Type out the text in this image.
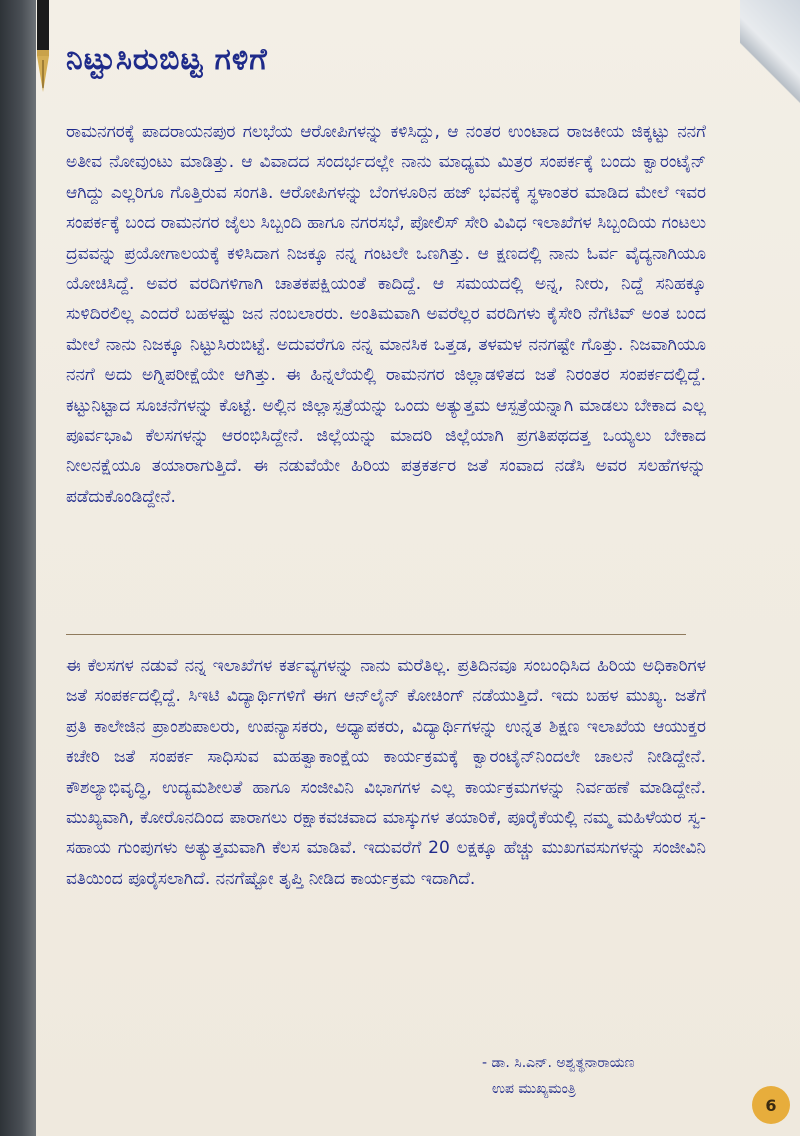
ನಿಟ್ಟುಸಿರುಬಿಟ್ಟ ಗಳಿಗೆ

ರಾಮನಗರಕ್ಕೆ ಪಾದರಾಯನಪುರ ಗಲಭೆಯ ಆರೋಪಿಗಳನ್ನು ಕಳಿಸಿದ್ದು, ಆ ನಂತರ ಉಂಟಾದ ರಾಜಕೀಯ ಜಿಕ್ಕಟ್ಟು ನನಗೆ ಅತೀವ ನೋವುಂಟು ಮಾಡಿತ್ತು. ಆ ವಿವಾದದ ಸಂದರ್ಭದಲ್ಲೇ ನಾನು ಮಾಧ್ಯಮ ಮಿತ್ರರ ಸಂಪರ್ಕಕ್ಕೆ ಬಂದು ಕ್ವಾರಂಟೈನ್ ಆಗಿದ್ದು ಎಲ್ಲರಿಗೂ ಗೊತ್ತಿರುವ ಸಂಗತಿ. ಆರೋಪಿಗಳನ್ನು ಬೆಂಗಳೂರಿನ ಹಜ್ ಭವನಕ್ಕೆ ಸ್ಥಳಾಂತರ ಮಾಡಿದ ಮೇಲೆ ಇವರ ಸಂಪರ್ಕಕ್ಕೆ ಬಂದ ರಾಮನಗರ ಜೈಲು ಸಿಬ್ಬಂದಿ ಹಾಗೂ ನಗರಸಭೆ, ಪೋಲಿಸ್ ಸೇರಿ ವಿವಿಧ ಇಲಾಖೆಗಳ ಸಿಬ್ಬಂದಿಯ ಗಂಟಲು ದ್ರವವನ್ನು ಪ್ರಯೋಗಾಲಯಕ್ಕೆ ಕಳಿಸಿದಾಗ ನಿಜಕ್ಕೂ ನನ್ನ ಗಂಟಲೇ ಒಣಗಿತ್ತು. ಆ ಕ್ಷಣದಲ್ಲಿ ನಾನು ಓರ್ವ ವೈದ್ಯನಾಗಿಯೂ ಯೋಚಿಸಿದ್ದೆ. ಅವರ ವರದಿಗಳಿಗಾಗಿ ಚಾತಕಪಕ್ಷಿಯಂತೆ ಕಾದಿದ್ದೆ. ಆ ಸಮಯದಲ್ಲಿ ಅನ್ನ, ನೀರು, ನಿದ್ದೆ ಸನಿಹಕ್ಕೂ ಸುಳಿದಿರಲಿಲ್ಲ ಎಂದರೆ ಬಹಳಷ್ಟು ಜನ ನಂಬಲಾರರು. ಅಂತಿಮವಾಗಿ ಅವರೆಲ್ಲರ ವರದಿಗಳು ಕೈಸೇರಿ ನೆಗೆಟಿವ್ ಅಂತ ಬಂದ ಮೇಲೆ ನಾನು ನಿಜಕ್ಕೂ ನಿಟ್ಟುಸಿರುಬಿಟ್ಟೆ. ಅದುವರೆಗೂ ನನ್ನ ಮಾನಸಿಕ ಒತ್ತಡ, ತಳಮಳ ನನಗಷ್ಟೇ ಗೊತ್ತು. ನಿಜವಾಗಿಯೂ ನನಗೆ ಅದು ಅಗ್ನಿಪರೀಕ್ಷೆಯೇ ಆಗಿತ್ತು. ಈ ಹಿನ್ನಲೆಯಲ್ಲಿ ರಾಮನಗರ ಜಿಲ್ಲಾಡಳಿತದ ಜತೆ ನಿರಂತರ ಸಂಪರ್ಕದಲ್ಲಿದ್ದೆ. ಕಟ್ಟುನಿಟ್ಟಾದ ಸೂಚನೆಗಳನ್ನು ಕೊಟ್ಟೆ. ಅಲ್ಲಿನ ಜಿಲ್ಲಾಸ್ಪತ್ರೆಯನ್ನು ಒಂದು ಅತ್ಯುತ್ತಮ ಆಸ್ಪತ್ರೆಯನ್ನಾಗಿ ಮಾಡಲು ಬೇಕಾದ ಎಲ್ಲ ಪೂರ್ವಭಾವಿ ಕೆಲಸಗಳನ್ನು ಆರಂಭಿಸಿದ್ದೇನೆ. ಜಿಲ್ಲೆಯನ್ನು ಮಾದರಿ ಜಿಲ್ಲೆಯಾಗಿ ಪ್ರಗತಿಪಥದತ್ತ ಒಯ್ಯಲು ಬೇಕಾದ ನೀಲನಕ್ಷೆಯೂ ತಯಾರಾಗುತ್ತಿದೆ. ಈ ನಡುವೆಯೇ ಹಿರಿಯ ಪತ್ರಕರ್ತರ ಜತೆ ಸಂವಾದ ನಡೆಸಿ ಅವರ ಸಲಹೆಗಳನ್ನು ಪಡೆದುಕೊಂಡಿದ್ದೇನೆ.

ಈ ಕೆಲಸಗಳ ನಡುವೆ ನನ್ನ ಇಲಾಖೆಗಳ ಕರ್ತವ್ಯಗಳನ್ನು ನಾನು ಮರೆತಿಲ್ಲ. ಪ್ರತಿದಿನವೂ ಸಂಬಂಧಿಸಿದ ಹಿರಿಯ ಅಧಿಕಾರಿಗಳ ಜತೆ ಸಂಪರ್ಕದಲ್ಲಿದ್ದೆ. ಸಿಇಟಿ ವಿದ್ಯಾರ್ಥಿಗಳಿಗೆ ಈಗ ಆನ್‌ಲೈನ್ ಕೋಚಿಂಗ್ ನಡೆಯುತ್ತಿದೆ. ಇದು ಬಹಳ ಮುಖ್ಯ. ಜತೆಗೆ ಪ್ರತಿ ಕಾಲೇಜಿನ ಪ್ರಾಂಶುಪಾಲರು, ಉಪನ್ಯಾಸಕರು, ಅಧ್ಯಾಪಕರು, ವಿದ್ಯಾರ್ಥಿಗಳನ್ನು ಉನ್ನತ ಶಿಕ್ಷಣ ಇಲಾಖೆಯ ಆಯುಕ್ತರ ಕಚೇರಿ ಜತೆ ಸಂಪರ್ಕ ಸಾಧಿಸುವ ಮಹತ್ವಾಕಾಂಕ್ಷೆಯ ಕಾರ್ಯಕ್ರಮಕ್ಕೆ ಕ್ವಾರಂಟೈನ್‌ನಿಂದಲೇ ಚಾಲನೆ ನೀಡಿದ್ದೇನೆ. ಕೌಶಲ್ಯಾಭಿವೃದ್ಧಿ, ಉದ್ಯಮಶೀಲತೆ ಹಾಗೂ ಸಂಜೀವಿನಿ ವಿಭಾಗಗಳ ಎಲ್ಲ ಕಾರ್ಯಕ್ರಮಗಳನ್ನು ನಿರ್ವಹಣೆ ಮಾಡಿದ್ದೇನೆ. ಮುಖ್ಯವಾಗಿ, ಕೋರೊನದಿಂದ ಪಾರಾಗಲು ರಕ್ಷಾಕವಚವಾದ ಮಾಸ್ಕುಗಳ ತಯಾರಿಕೆ, ಪೂರೈಕೆಯಲ್ಲಿ ನಮ್ಮ ಮಹಿಳೆಯರ ಸ್ವ-ಸಹಾಯ ಗುಂಪುಗಳು ಅತ್ಯುತ್ತಮವಾಗಿ ಕೆಲಸ ಮಾಡಿವೆ. ಇದುವರೆಗೆ 20 ಲಕ್ಷಕ್ಕೂ ಹೆಚ್ಚು ಮುಖಗವಸುಗಳನ್ನು ಸಂಜೀವಿನಿ ವತಿಯಿಂದ ಪೂರೈಸಲಾಗಿದೆ. ನನಗೆಷ್ಟೋ ತೃಪ್ತಿ ನೀಡಿದ ಕಾರ್ಯಕ್ರಮ ಇದಾಗಿದೆ.

- ಡಾ. ಸಿ.ಎನ್. ಅಶ್ವತ್ಥನಾರಾಯಣ
ಉಪ ಮುಖ್ಯಮಂತ್ರಿ
6
